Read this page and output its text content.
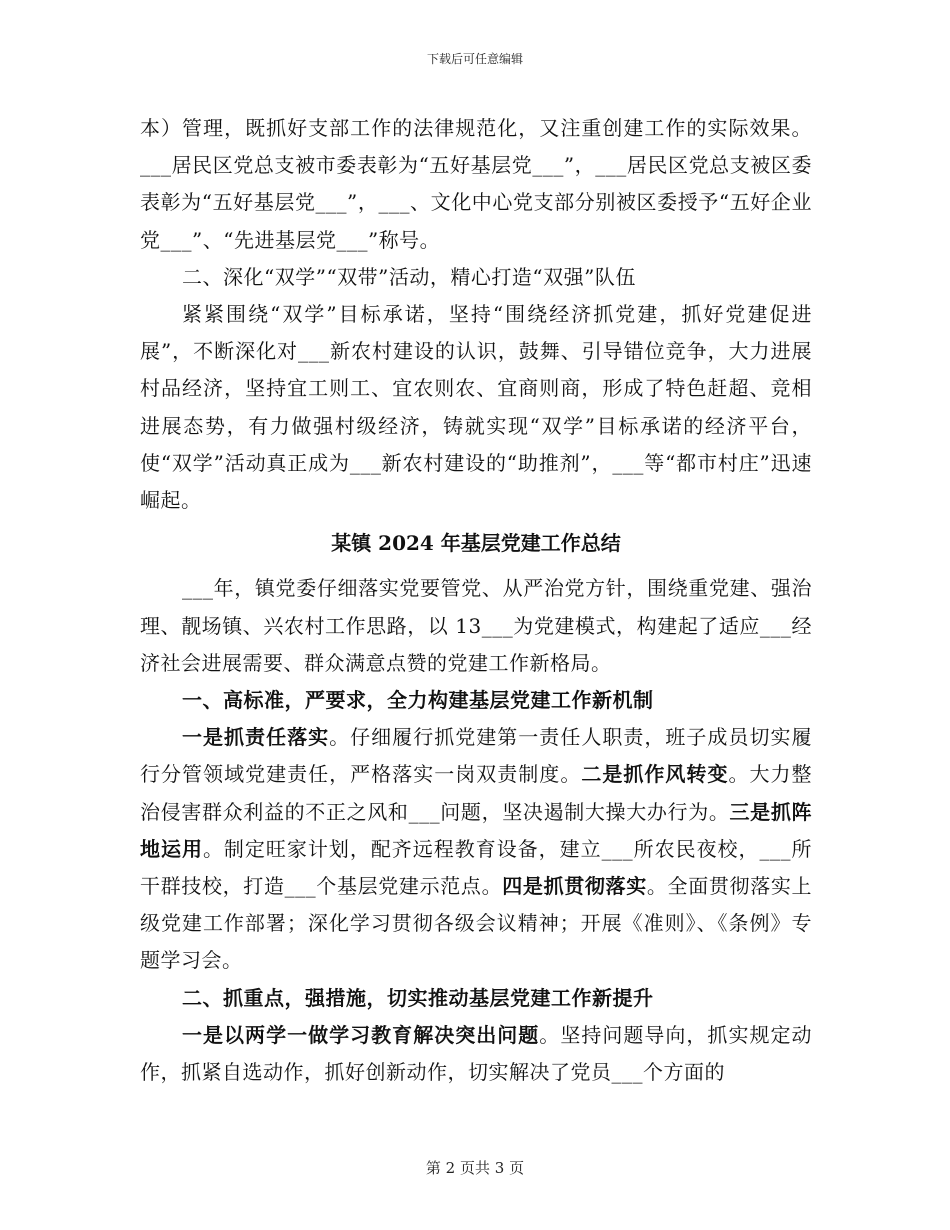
下载后可任意编辑

本）管理，既抓好支部工作的法律规范化，又注重创建工作的实际效果。___居民区党总支被市委表彰为“五好基层党___”，___居民区党总支被区委表彰为“五好基层党___”，___、文化中心党支部分别被区委授予“五好企业党___”、“先进基层党___”称号。

二、深化“双学”“双带”活动，精心打造“双强”队伍

紧紧围绕“双学”目标承诺，坚持“围绕经济抓党建，抓好党建促进展”，不断深化对___新农村建设的认识，鼓舞、引导错位竞争，大力进展村品经济，坚持宜工则工、宜农则农、宜商则商，形成了特色赶超、竞相进展态势，有力做强村级经济，铸就实现“双学”目标承诺的经济平台，使“双学”活动真正成为___新农村建设的“助推剂”，___等“都市村庄”迅速崛起。

某镇 2024 年基层党建工作总结

___年，镇党委仔细落实党要管党、从严治党方针，围绕重党建、强治理、靓场镇、兴农村工作思路，以 13___为党建模式，构建起了适应___经济社会进展需要、群众满意点赞的党建工作新格局。

一、高标准，严要求，全力构建基层党建工作新机制

一是抓责任落实。仔细履行抓党建第一责任人职责，班子成员切实履行分管领域党建责任，严格落实一岗双责制度。二是抓作风转变。大力整治侵害群众利益的不正之风和___问题，坚决遏制大操大办行为。三是抓阵地运用。制定旺家计划，配齐远程教育设备，建立___所农民夜校，___所干群技校，打造___个基层党建示范点。四是抓贯彻落实。全面贯彻落实上级党建工作部署；深化学习贯彻各级会议精神；开展《准则》、《条例》专题学习会。

二、抓重点，强措施，切实推动基层党建工作新提升

一是以两学一做学习教育解决突出问题。坚持问题导向，抓实规定动作，抓紧自选动作，抓好创新动作，切实解决了党员___个方面的

第 2 页共 3 页
